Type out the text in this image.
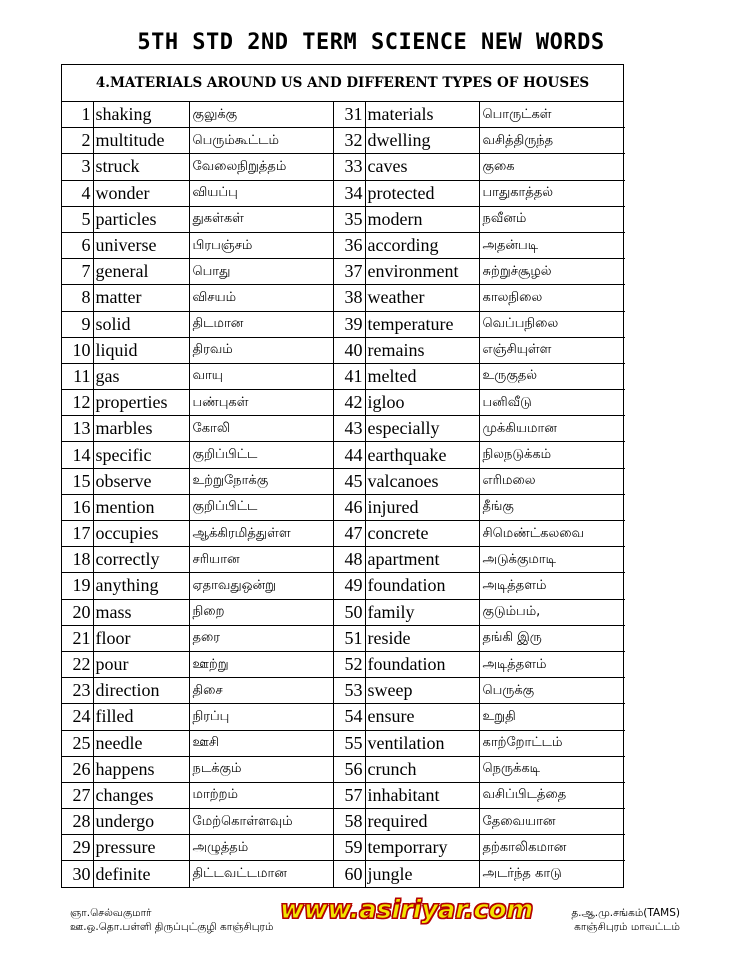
5TH STD 2ND TERM SCIENCE NEW WORDS
4.MATERIALS AROUND US AND DIFFERENT TYPES OF HOUSES
1	shaking	குலுக்கு	31	materials	பொருட்கள்
2	multitude	பெரும்கூட்டம்	32	dwelling	வசித்திருந்த
3	struck	வேலைநிறுத்தம்	33	caves	குகை
4	wonder	வியப்பு	34	protected	பாதுகாத்தல்
5	particles	துகள்கள்	35	modern	நவீனம்
6	universe	பிரபஞ்சம்	36	according	அதன்படி
7	general	பொது	37	environment	சுற்றுச்சூழல்
8	matter	விசயம்	38	weather	காலநிலை
9	solid	திடமான	39	temperature	வெப்பநிலை
10	liquid	திரவம்	40	remains	எஞ்சியுள்ள
11	gas	வாயு	41	melted	உருகுதல்
12	properties	பண்புகள்	42	igloo	பனிவீடு
13	marbles	கோலி	43	especially	முக்கியமான
14	specific	குறிப்பிட்ட	44	earthquake	நிலநடுக்கம்
15	observe	உற்றுநோக்கு	45	valcanoes	எரிமலை
16	mention	குறிப்பிட்ட	46	injured	தீங்கு
17	occupies	ஆக்கிரமித்துள்ள	47	concrete	சிமெண்ட்கலவை
18	correctly	சரியான	48	apartment	அடுக்குமாடி
19	anything	ஏதாவதுஒன்று	49	foundation	அடித்தளம்
20	mass	நிறை	50	family	குடும்பம்,
21	floor	தரை	51	reside	தங்கி இரு
22	pour	ஊற்று	52	foundation	அடித்தளம்
23	direction	திசை	53	sweep	பெருக்கு
24	filled	நிரப்பு	54	ensure	உறுதி
25	needle	ஊசி	55	ventilation	காற்றோட்டம்
26	happens	நடக்கும்	56	crunch	நெருக்கடி
27	changes	மாற்றம்	57	inhabitant	வசிப்பிடத்தை
28	undergo	மேற்கொள்ளவும்	58	required	தேவையான
29	pressure	அழுத்தம்	59	temporrary	தற்காலிகமான
30	definite	திட்டவட்டமான	60	jungle	அடர்ந்த காடு
ஞா.செல்வகுமார்
ஊ.ஒ.தொ.பள்ளி திருப்புட்குழி காஞ்சிபுரம்
www.asiriyar.com	த.ஆ.மு.சங்கம்(TAMS)
காஞ்சிபுரம் மாவட்டம்
